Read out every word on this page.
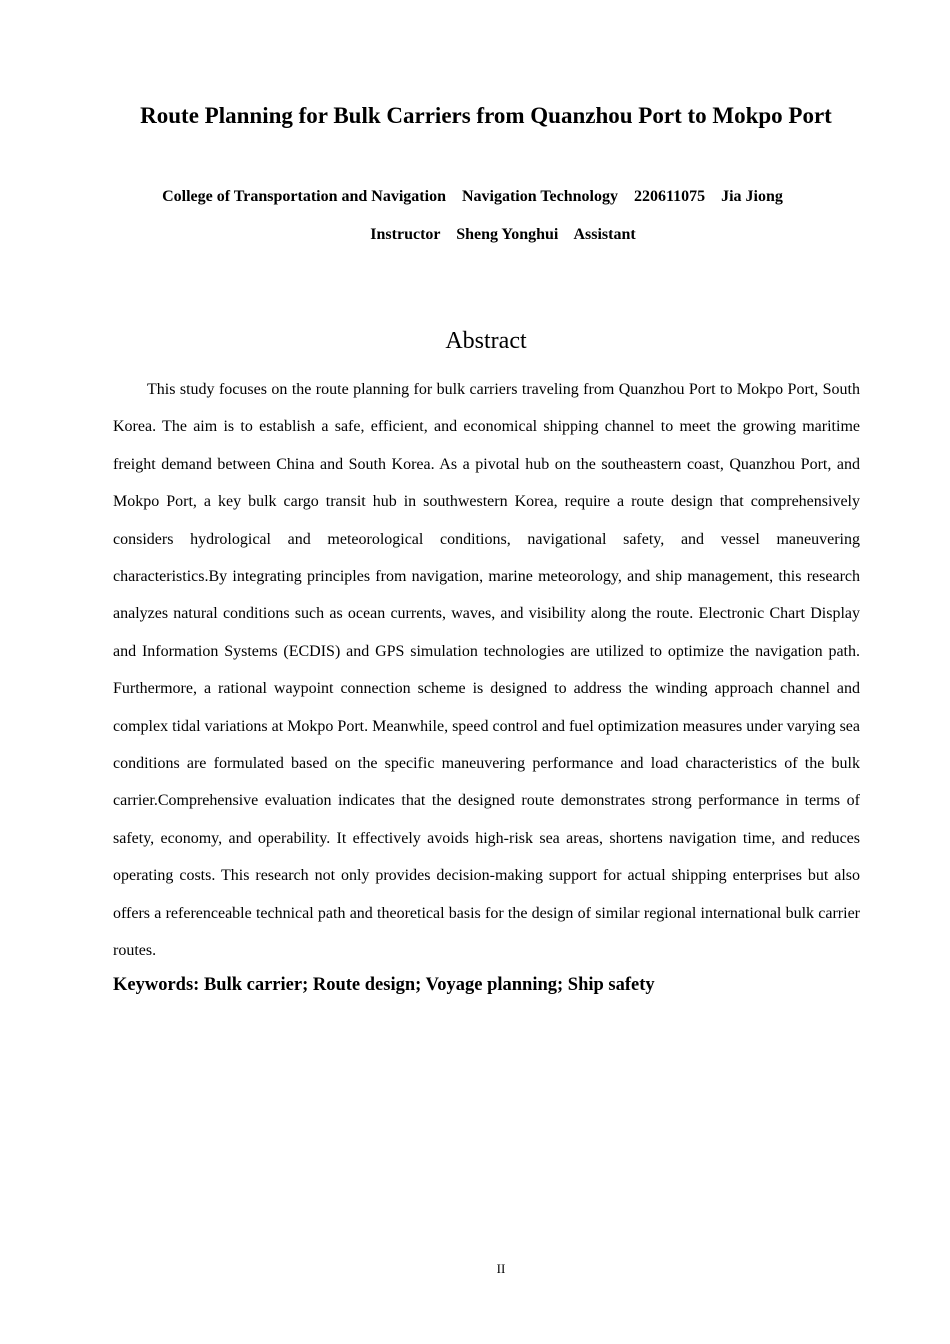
Route Planning for Bulk Carriers from Quanzhou Port to Mokpo Port
College of Transportation and Navigation    Navigation Technology    220611075    Jia Jiong
Instructor    Sheng Yonghui    Assistant
Abstract

This study focuses on the route planning for bulk carriers traveling from Quanzhou Port to Mokpo Port, South Korea. The aim is to establish a safe, efficient, and economical shipping channel to meet the growing maritime freight demand between China and South Korea. As a pivotal hub on the southeastern coast, Quanzhou Port, and Mokpo Port, a key bulk cargo transit hub in southwestern Korea, require a route design that comprehensively considers hydrological and meteorological conditions, navigational safety, and vessel maneuvering characteristics.By integrating principles from navigation, marine meteorology, and ship management, this research analyzes natural conditions such as ocean currents, waves, and visibility along the route. Electronic Chart Display and Information Systems (ECDIS) and GPS simulation technologies are utilized to optimize the navigation path. Furthermore, a rational waypoint connection scheme is designed to address the winding approach channel and complex tidal variations at Mokpo Port. Meanwhile, speed control and fuel optimization measures under varying sea conditions are formulated based on the specific maneuvering performance and load characteristics of the bulk carrier.Comprehensive evaluation indicates that the designed route demonstrates strong performance in terms of safety, economy, and operability. It effectively avoids high-risk sea areas, shortens navigation time, and reduces operating costs. This research not only provides decision-making support for actual shipping enterprises but also offers a referenceable technical path and theoretical basis for the design of similar regional international bulk carrier routes.

Keywords: Bulk carrier; Route design; Voyage planning; Ship safety
II
